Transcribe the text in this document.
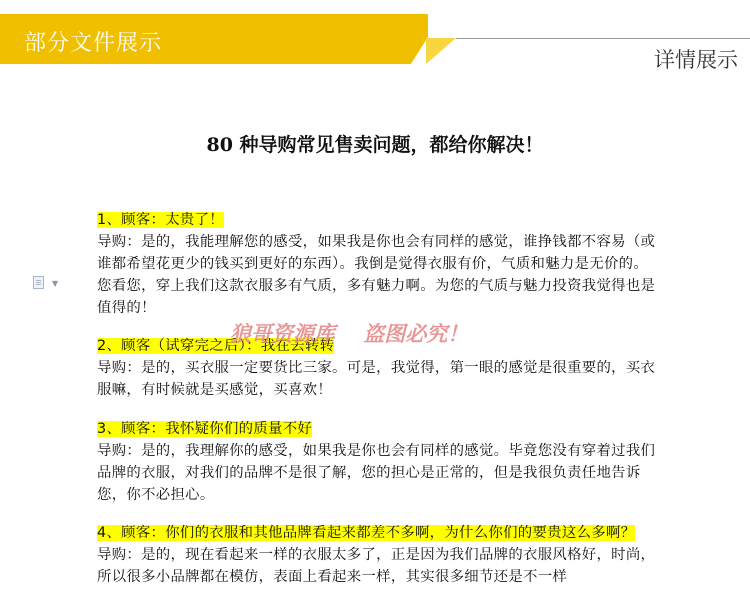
部分文件展示
详情展示
80 种导购常见售卖问题，都给你解决！
▼
1、顾客：太贵了！

导购：是的，我能理解您的感受，如果我是你也会有同样的感觉，谁挣钱都不容易（或谁都希望花更少的钱买到更好的东西）。我倒是觉得衣服有价，气质和魅力是无价的。您看您，穿上我们这款衣服多有气质，多有魅力啊。为您的气质与魅力投资我觉得也是值得的！

2、顾客（试穿完之后）：我在去转转

导购：是的，买衣服一定要货比三家。可是，我觉得，第一眼的感觉是很重要的，买衣服嘛，有时候就是买感觉，买喜欢！

3、顾客：我怀疑你们的质量不好

导购：是的，我理解你的感受，如果我是你也会有同样的感觉。毕竟您没有穿着过我们品牌的衣服，对我们的品牌不是很了解，您的担心是正常的，但是我很负责任地告诉您，你不必担心。

4、顾客：你们的衣服和其他品牌看起来都差不多啊，为什么你们的要贵这么多啊？

导购：是的，现在看起来一样的衣服太多了，正是因为我们品牌的衣服风格好，时尚，所以很多小品牌都在模仿，表面上看起来一样，其实很多细节还是不一样

狼哥资源库　 盗图必究！
